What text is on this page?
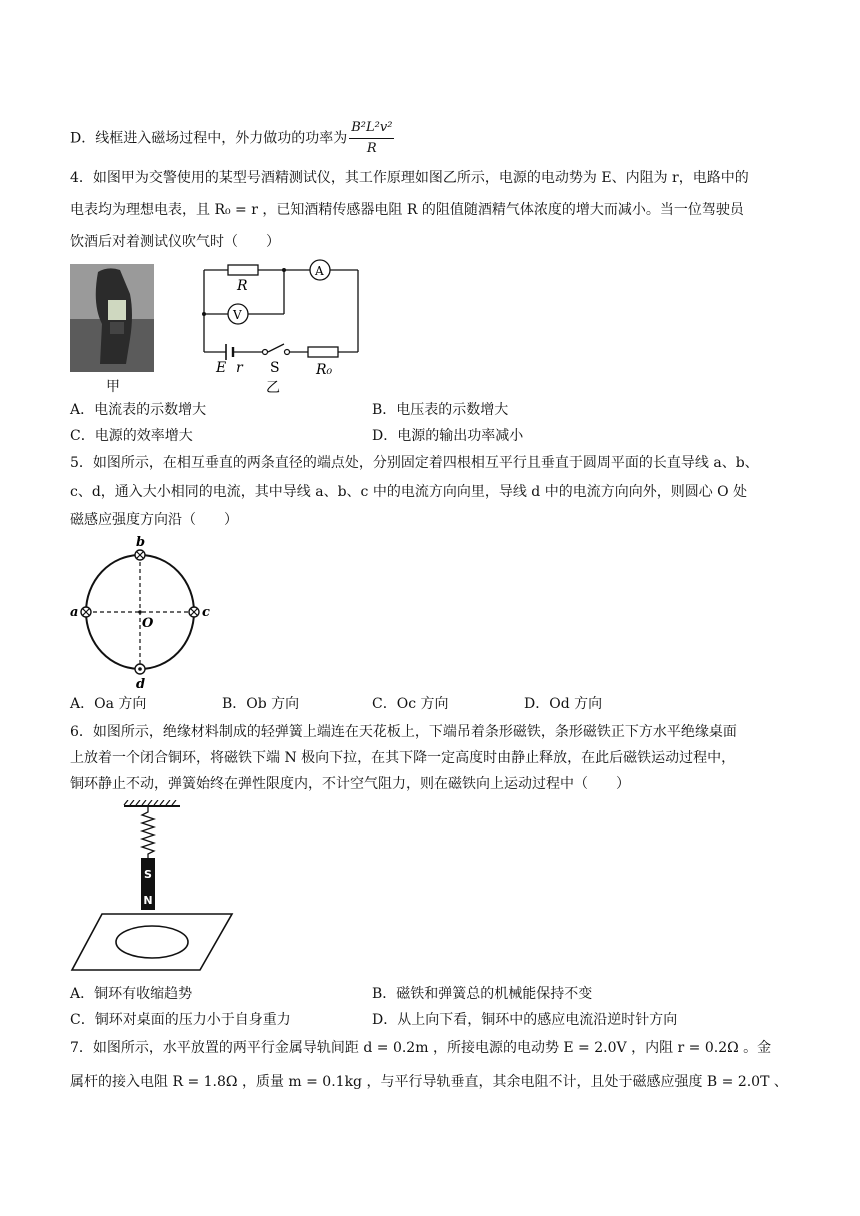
D．线框进入磁场过程中，外力做功的功率为 $\frac{\text{B²L²v²}}{R}$
4．如图甲为交警使用的某型号酒精测试仪，其工作原理如图乙所示，电源的电动势为 E、内阻为 r，电路中的
电表均为理想电表，且 R₀ = r ，已知酒精传感器电阻 R 的阻值随酒精气体浓度的增大而减小。当一位驾驶员
饮酒后对着测试仪吹气时（　　）
甲
R
A
V
E r S	R₀
乙
A．电流表的示数增大	B．电压表的示数增大
C．电源的效率增大	D．电源的输出功率减小
5．如图所示，在相互垂直的两条直径的端点处，分别固定着四根相互平行且垂直于圆周平面的长直导线 a、b、
c、d，通入大小相同的电流，其中导线 a、b、c 中的电流方向向里，导线 d 中的电流方向向外，则圆心 O 处
磁感应强度方向沿（　　）
b
a	c
d
O
A．Oa 方向	B．Ob 方向	C．Oc 方向	D．Od 方向
6．如图所示，绝缘材料制成的轻弹簧上端连在天花板上，下端吊着条形磁铁，条形磁铁正下方水平绝缘桌面
上放着一个闭合铜环，将磁铁下端 N 极向下拉，在其下降一定高度时由静止释放，在此后磁铁运动过程中，
铜环静止不动，弹簧始终在弹性限度内，不计空气阻力，则在磁铁向上运动过程中（　　）
S
N
A．铜环有收缩趋势	B．磁铁和弹簧总的机械能保持不变
C．铜环对桌面的压力小于自身重力	D．从上向下看，铜环中的感应电流沿逆时针方向
7．如图所示，水平放置的两平行金属导轨间距 d = 0.2m ，所接电源的电动势 E = 2.0V ，内阻 r = 0.2Ω 。金
属杆的接入电阻 R = 1.8Ω ，质量 m = 0.1kg ，与平行导轨垂直，其余电阻不计，且处于磁感应强度 B = 2.0T 、
